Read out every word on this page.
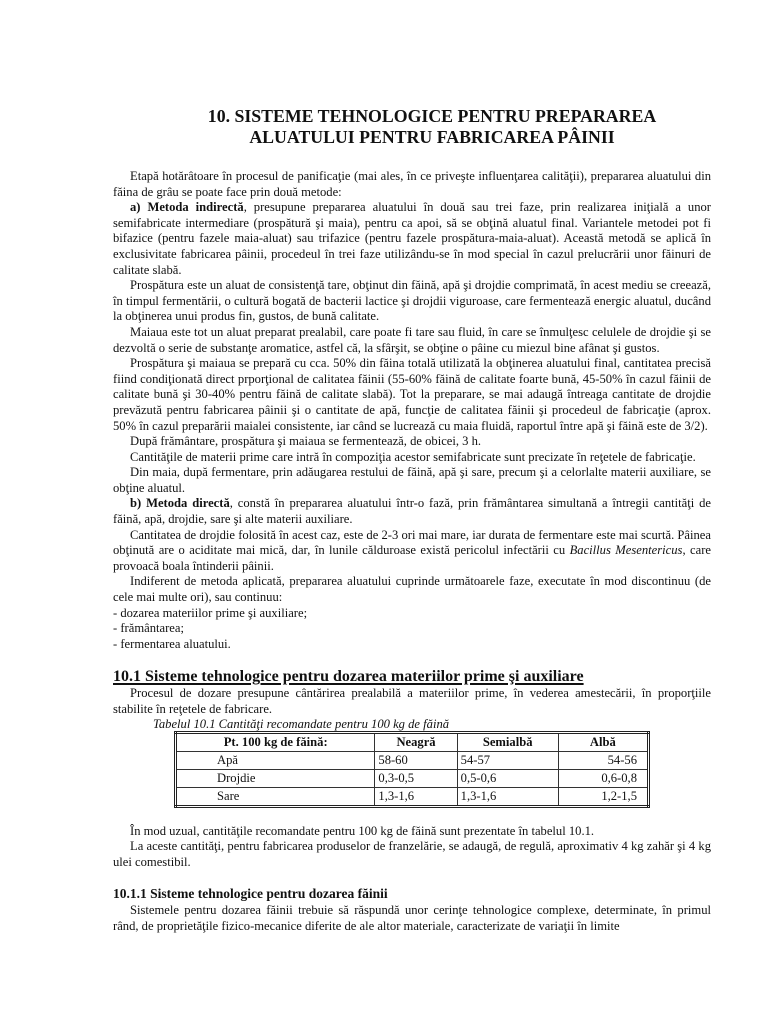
10. SISTEME TEHNOLOGICE PENTRU PREPARAREA
ALUATULUI PENTRU FABRICAREA PÂINII

Etapă hotărâtoare în procesul de panificaţie (mai ales, în ce priveşte influenţarea calităţii), prepararea aluatului din făina de grâu se poate face prin două metode:

a) Metoda indirectă, presupune prepararea aluatului în două sau trei faze, prin realizarea iniţială a unor semifabricate intermediare (prospătură şi maia), pentru ca apoi, să se obţină aluatul final. Variantele metodei pot fi bifazice (pentru fazele maia-aluat) sau trifazice (pentru fazele prospătura-maia-aluat). Această metodă se aplică în exclusivitate fabricarea pâinii, procedeul în trei faze utilizându-se în mod special în cazul prelucrării unor făinuri de calitate slabă.

Prospătura este un aluat de consistenţă tare, obţinut din făină, apă şi drojdie comprimată, în acest mediu se creează, în timpul fermentării, o cultură bogată de bacterii lactice şi drojdii viguroase, care fermentează energic aluatul, ducând la obţinerea unui produs fin, gustos, de bună calitate.

Maiaua este tot un aluat preparat prealabil, care poate fi tare sau fluid, în care se înmulţesc celulele de drojdie şi se dezvoltă o serie de substanţe aromatice, astfel că, la sfârşit, se obţine o pâine cu miezul bine afânat şi gustos.

Prospătura şi maiaua se prepară cu cca. 50% din făina totală utilizată la obţinerea aluatului final, cantitatea precisă fiind condiţionată direct prporţional de calitatea făinii (55-60% făină de calitate foarte bună, 45-50% în cazul făinii de calitate bună şi 30-40% pentru făină de calitate slabă). Tot la preparare, se mai adaugă întreaga cantitate de drojdie prevăzută pentru fabricarea pâinii şi o cantitate de apă, funcţie de calitatea făinii şi procedeul de fabricaţie (aprox. 50% în cazul preparării maialei consistente, iar când se lucrează cu maia fluidă, raportul între apă şi făină este de 3/2).

După frământare, prospătura şi maiaua se fermentează, de obicei, 3 h.

Cantităţile de materii prime care intră în compoziţia acestor semifabricate sunt precizate în reţetele de fabricaţie.

Din maia, după fermentare, prin adăugarea restului de făină, apă şi sare, precum şi a celorlalte materii auxiliare, se obţine aluatul.

b) Metoda directă, constă în prepararea aluatului într-o fază, prin frământarea simultană a întregii cantităţi de făină, apă, drojdie, sare şi alte materii auxiliare.

Cantitatea de drojdie folosită în acest caz, este de 2-3 ori mai mare, iar durata de fermentare este mai scurtă. Pâinea obţinută are o aciditate mai mică, dar, în lunile călduroase există pericolul infectării cu Bacillus Mesentericus, care provoacă boala întinderii pâinii.

Indiferent de metoda aplicată, prepararea aluatului cuprinde următoarele faze, executate în mod discontinuu (de cele mai multe ori), sau continuu:

- dozarea materiilor prime şi auxiliare;

- frământarea;

- fermentarea aluatului.

10.1 Sisteme tehnologice pentru dozarea materiilor prime şi auxiliare

Procesul de dozare presupune cântărirea prealabilă a materiilor prime, în vederea amestecării, în proporţiile stabilite în reţetele de fabricare.

Tabelul 10.1 Cantităţi recomandate pentru 100 kg de făină
Pt. 100 kg de făină:	Neagră	Semialbă	Albă
Apă	58-60	54-57	54-56
Drojdie	0,3-0,5	0,5-0,6	0,6-0,8
Sare	1,3-1,6	1,3-1,6	1,2-1,5

În mod uzual, cantităţile recomandate pentru 100 kg de făină sunt prezentate în tabelul 10.1.

La aceste cantităţi, pentru fabricarea produselor de franzelărie, se adaugă, de regulă, aproximativ 4 kg zahăr şi 4 kg ulei comestibil.

10.1.1 Sisteme tehnologice pentru dozarea făinii

Sistemele pentru dozarea făinii trebuie să răspundă unor cerinţe tehnologice complexe, determinate, în primul rând, de proprietăţile fizico-mecanice diferite de ale altor materiale, caracterizate de variaţii în limite
